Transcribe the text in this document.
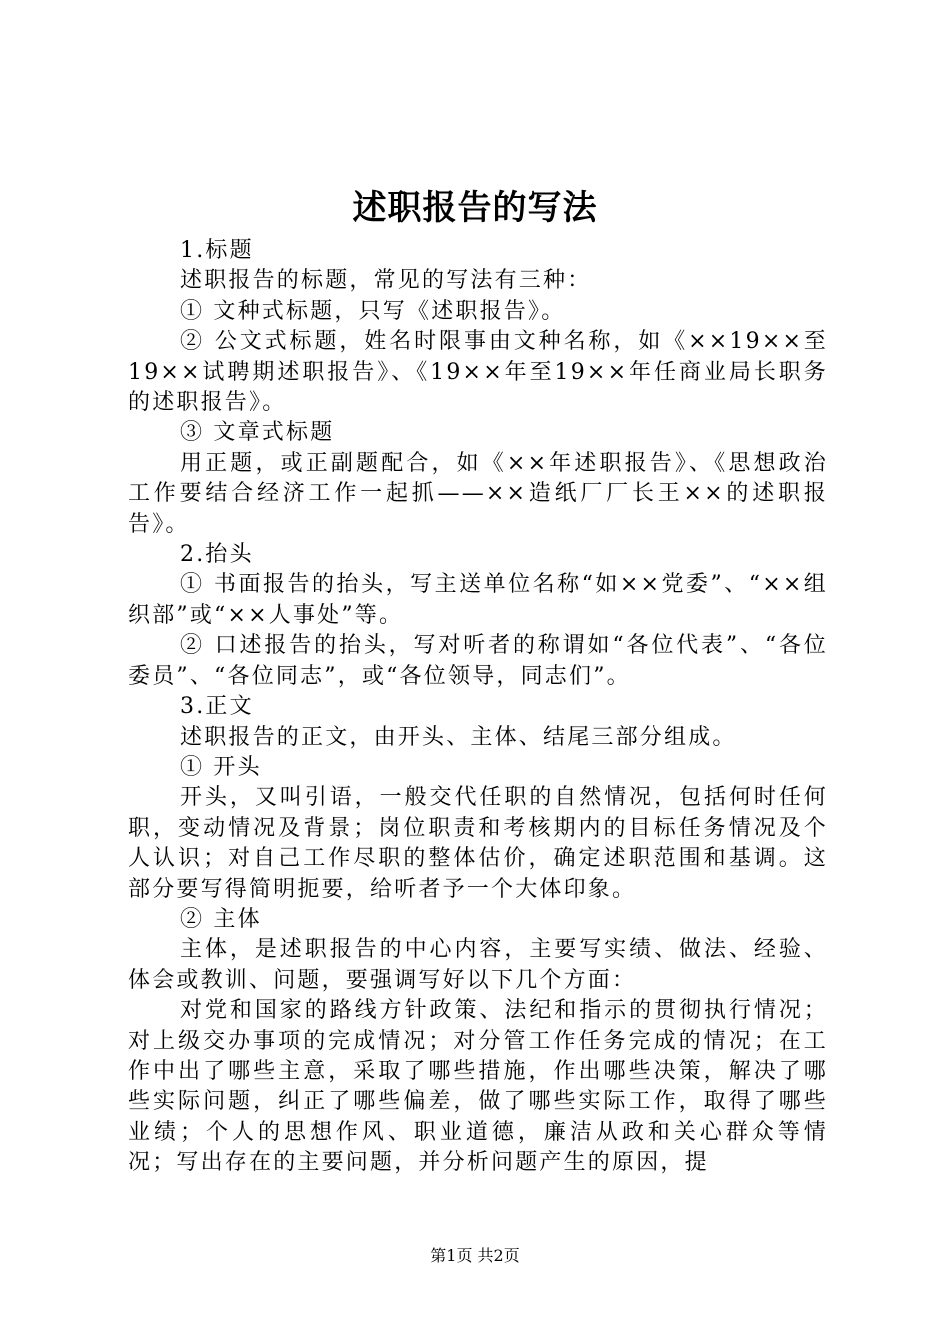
述职报告的写法

1.标题

述职报告的标题，常见的写法有三种：

① 文种式标题，只写《述职报告》。

② 公文式标题，姓名时限事由文种名称，如《××19××至19××试聘期述职报告》、《19××年至19××年任商业局长职务的述职报告》。

③ 文章式标题

用正题，或正副题配合，如《××年述职报告》、《思想政治工作要结合经济工作一起抓——××造纸厂厂长王××的述职报告》。

2.抬头

① 书面报告的抬头，写主送单位名称“如××党委”、“××组织部”或“××人事处”等。

② 口述报告的抬头，写对听者的称谓如“各位代表”、“各位委员”、“各位同志”，或“各位领导，同志们”。

3.正文

述职报告的正文，由开头、主体、结尾三部分组成。

① 开头

开头，又叫引语，一般交代任职的自然情况，包括何时任何职，变动情况及背景；岗位职责和考核期内的目标任务情况及个人认识；对自己工作尽职的整体估价，确定述职范围和基调。这部分要写得简明扼要，给听者予一个大体印象。

② 主体

主体，是述职报告的中心内容，主要写实绩、做法、经验、体会或教训、问题，要强调写好以下几个方面：

对党和国家的路线方针政策、法纪和指示的贯彻执行情况；对上级交办事项的完成情况；对分管工作任务完成的情况；在工作中出了哪些主意，采取了哪些措施，作出哪些决策，解决了哪些实际问题，纠正了哪些偏差，做了哪些实际工作，取得了哪些业绩；个人的思想作风、职业道德，廉洁从政和关心群众等情况；写出存在的主要问题，并分析问题产生的原因，提

第1页 共2页
